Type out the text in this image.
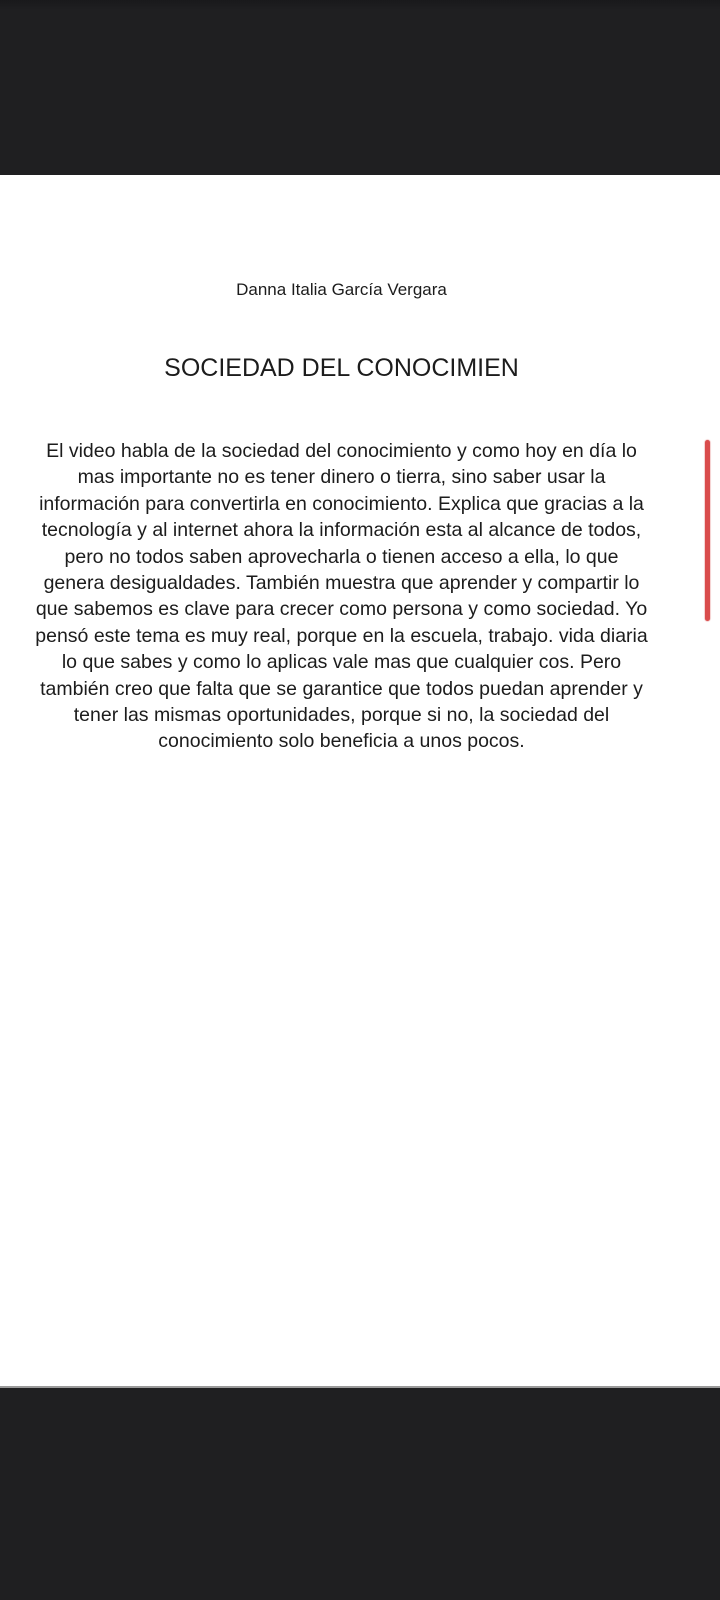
Danna Italia García Vergara
SOCIEDAD DEL CONOCIMIEN
El video habla de la sociedad del conocimiento y como hoy en día lo
mas importante no es tener dinero o tierra, sino saber usar la
información para convertirla en conocimiento. Explica que gracias a la
tecnología y al internet ahora la información esta al alcance de todos,
pero no todos saben aprovecharla o tienen acceso a ella, lo que
genera desigualdades. También muestra que aprender y compartir lo
que sabemos es clave para crecer como persona y como sociedad. Yo
pensó este tema es muy real, porque en la escuela, trabajo. vida diaria
lo que sabes y como lo aplicas vale mas que cualquier cos. Pero
también creo que falta que se garantice que todos puedan aprender y
tener las mismas oportunidades, porque si no, la sociedad del
conocimiento solo beneficia a unos pocos.
